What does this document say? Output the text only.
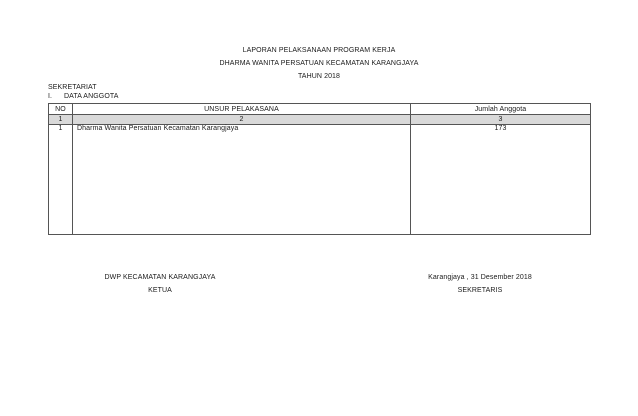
LAPORAN PELAKSANAAN PROGRAM KERJA
DHARMA WANITA PERSATUAN KECAMATAN KARANGJAYA
TAHUN 2018
SEKRETARIAT
I. DATA ANGGOTA
NO	UNSUR PELAKASANA	Jumlah Anggota
1	2	3
1	Dharma Wanita Persatuan Kecamatan Karangjaya	173
DWP KECAMATAN KARANGJAYA
KETUA
Karangjaya , 31 Desember 2018
SEKRETARIS
